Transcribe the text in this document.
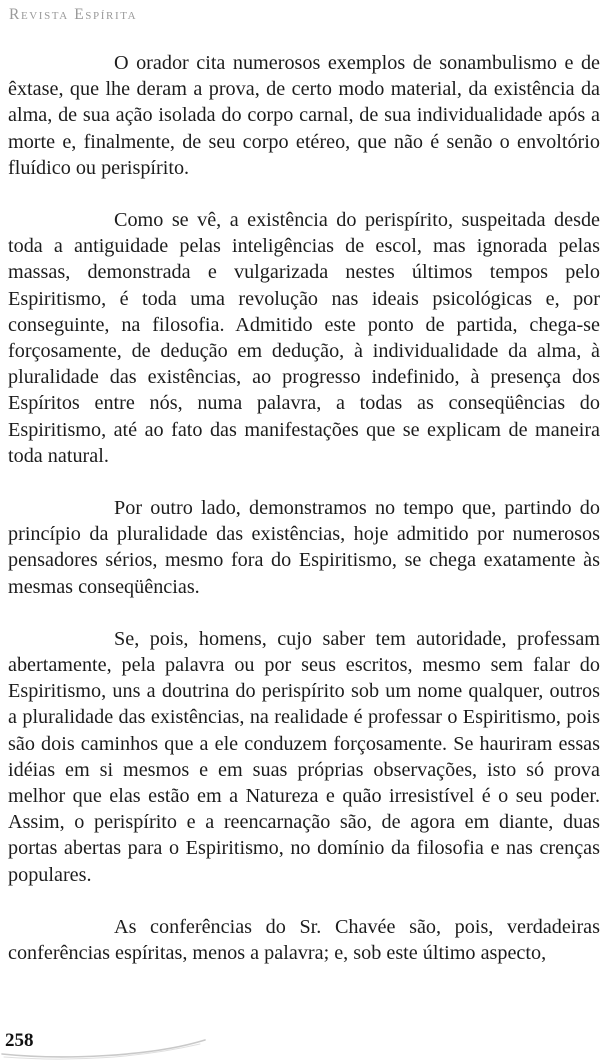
Revista Espírita

O orador cita numerosos exemplos de sonambulismo e de êxtase, que lhe deram a prova, de certo modo material, da existência da alma, de sua ação isolada do corpo carnal, de sua individualidade após a morte e, finalmente, de seu corpo etéreo, que não é senão o envoltório fluídico ou perispírito.

Como se vê, a existência do perispírito, suspeitada desde toda a antiguidade pelas inteligências de escol, mas ignorada pelas massas, demonstrada e vulgarizada nestes últimos tempos pelo Espiritismo, é toda uma revolução nas ideais psicológicas e, por conseguinte, na filosofia. Admitido este ponto de partida, chega-se forçosamente, de dedução em dedução, à individualidade da alma, à pluralidade das existências, ao progresso indefinido, à presença dos Espíritos entre nós, numa palavra, a todas as conseqüências do Espiritismo, até ao fato das manifestações que se explicam de maneira toda natural.

Por outro lado, demonstramos no tempo que, partindo do princípio da pluralidade das existências, hoje admitido por numerosos pensadores sérios, mesmo fora do Espiritismo, se chega exatamente às mesmas conseqüências.

Se, pois, homens, cujo saber tem autoridade, professam abertamente, pela palavra ou por seus escritos, mesmo sem falar do Espiritismo, uns a doutrina do perispírito sob um nome qualquer, outros a pluralidade das existências, na realidade é professar o Espiritismo, pois são dois caminhos que a ele conduzem forçosamente. Se hauriram essas idéias em si mesmos e em suas próprias observações, isto só prova melhor que elas estão em a Natureza e quão irresistível é o seu poder. Assim, o perispírito e a reencarnação são, de agora em diante, duas portas abertas para o Espiritismo, no domínio da filosofia e nas crenças populares.

As conferências do Sr. Chavée são, pois, verdadeiras conferências espíritas, menos a palavra; e, sob este último aspecto,

258
